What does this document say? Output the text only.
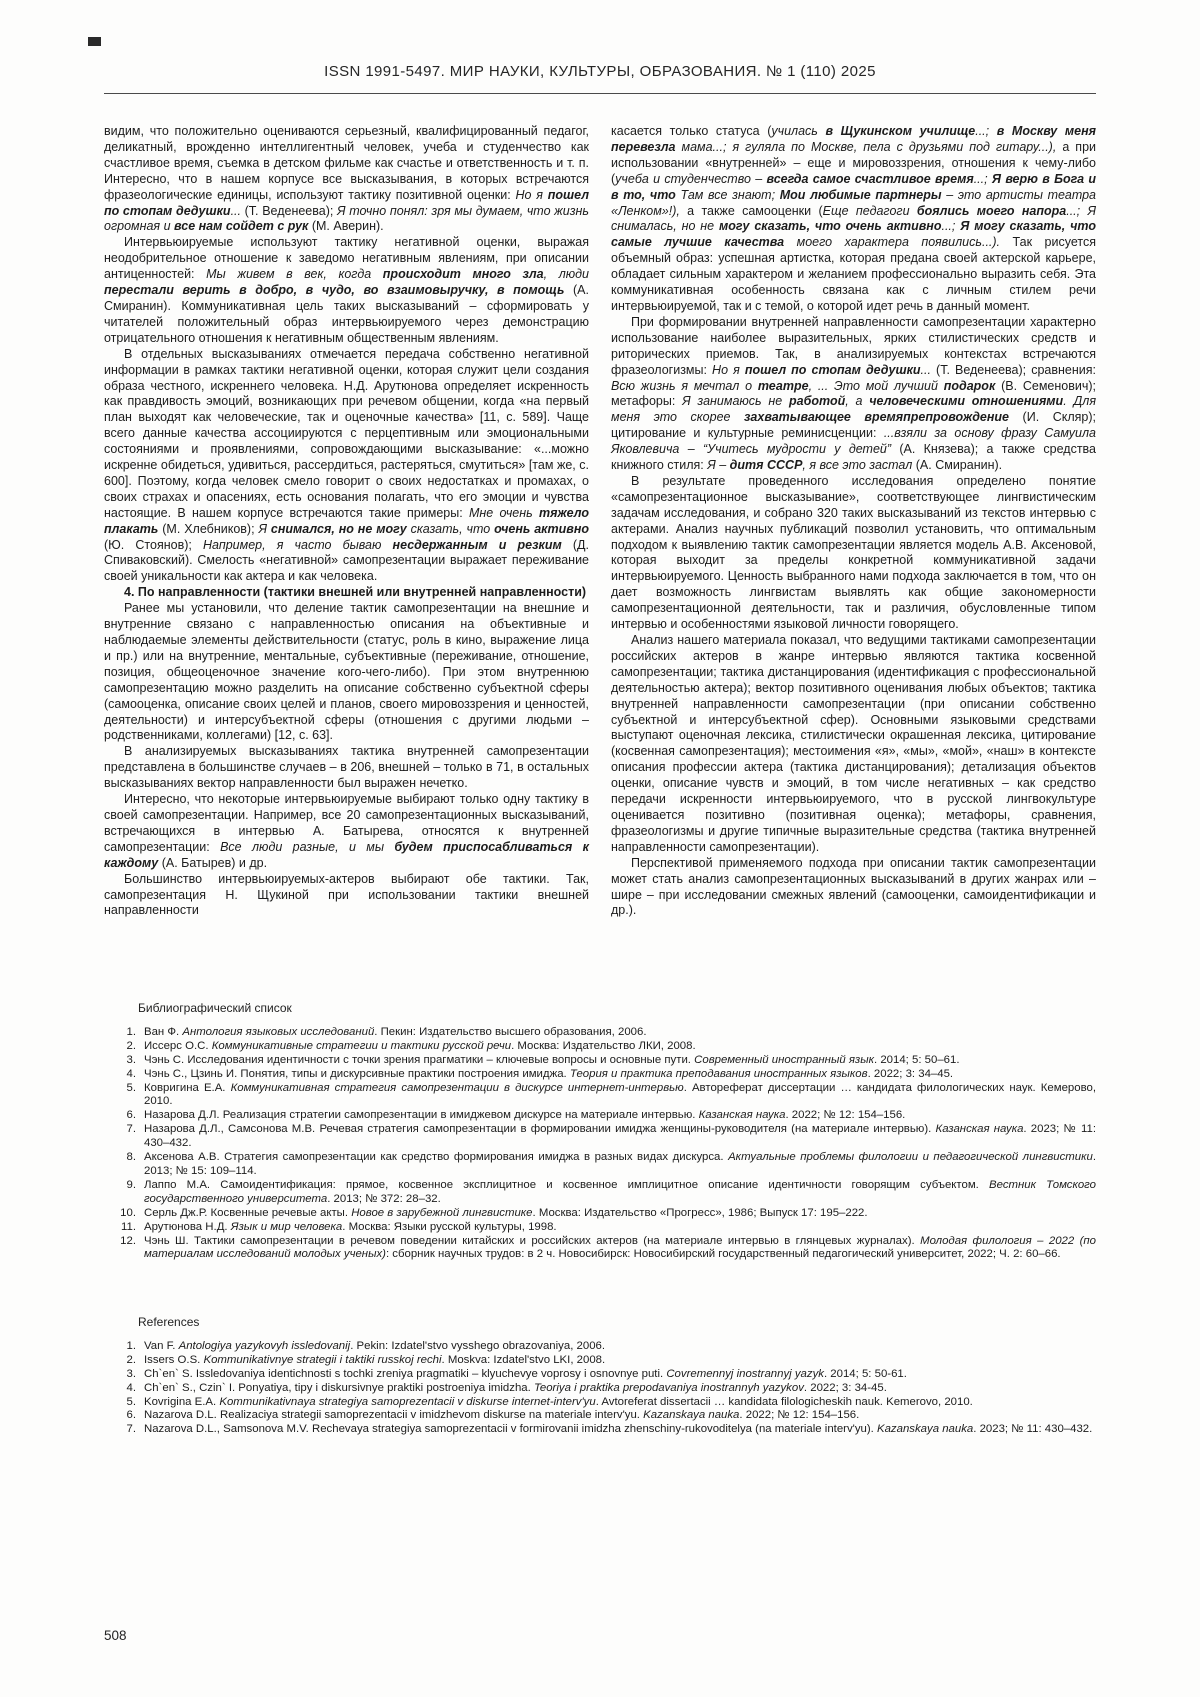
ISSN 1991-5497. МИР НАУКИ, КУЛЬТУРЫ, ОБРАЗОВАНИЯ. № 1 (110) 2025

видим, что положительно оцениваются серьезный, квалифицированный педагог, деликатный, врожденно интеллигентный человек, учеба и студенчество как счастливое время, съемка в детском фильме как счастье и ответственность и т. п. Интересно, что в нашем корпусе все высказывания, в которых встречаются фразеологические единицы, используют тактику позитивной оценки: Но я пошел по стопам дедушки... (Т. Веденеева); Я точно понял: зря мы думаем, что жизнь огромная и все нам сойдет с рук (М. Аверин).

Интервьюируемые используют тактику негативной оценки, выражая неодобрительное отношение к заведомо негативным явлениям, при описании антиценностей: Мы живем в век, когда происходит много зла, люди перестали верить в добро, в чудо, во взаимовыручку, в помощь (А. Смиранин). Коммуникативная цель таких высказываний – сформировать у читателей положительный образ интервьюируемого через демонстрацию отрицательного отношения к негативным общественным явлениям.

В отдельных высказываниях отмечается передача собственно негативной информации в рамках тактики негативной оценки, которая служит цели создания образа честного, искреннего человека. Н.Д. Арутюнова определяет искренность как правдивость эмоций, возникающих при речевом общении, когда «на первый план выходят как человеческие, так и оценочные качества» [11, с. 589]. Чаще всего данные качества ассоциируются с перцептивным или эмоциональными состояниями и проявлениями, сопровождающими высказывание: «...можно искренне обидеться, удивиться, рассердиться, растеряться, смутиться» [там же, с. 600]. Поэтому, когда человек смело говорит о своих недостатках и промахах, о своих страхах и опасениях, есть основания полагать, что его эмоции и чувства настоящие. В нашем корпусе встречаются такие примеры: Мне очень тяжело плакать (М. Хлебников); Я снимался, но не могу сказать, что очень активно (Ю. Стоянов); Например, я часто бываю несдержанным и резким (Д. Спиваковский). Смелость «негативной» самопрезентации выражает переживание своей уникальности как актера и как человека.

4. По направленности (тактики внешней или внутренней направленности)

Ранее мы установили, что деление тактик самопрезентации на внешние и внутренние связано с направленностью описания на объективные и наблюдаемые элементы действительности (статус, роль в кино, выражение лица и пр.) или на внутренние, ментальные, субъективные (переживание, отношение, позиция, общеоценочное значение кого-чего-либо). При этом внутреннюю самопрезентацию можно разделить на описание собственно субъектной сферы (самооценка, описание своих целей и планов, своего мировоззрения и ценностей, деятельности) и интерсубъектной сферы (отношения с другими людьми – родственниками, коллегами) [12, с. 63].

В анализируемых высказываниях тактика внутренней самопрезентации представлена в большинстве случаев – в 206, внешней – только в 71, в остальных высказываниях вектор направленности был выражен нечетко.

Интересно, что некоторые интервьюируемые выбирают только одну тактику в своей самопрезентации. Например, все 20 самопрезентационных высказываний, встречающихся в интервью А. Батырева, относятся к внутренней самопрезентации: Все люди разные, и мы будем приспосабливаться к каждому (А. Батырев) и др.

Большинство интервьюируемых-актеров выбирают обе тактики. Так, самопрезентация Н. Щукиной при использовании тактики внешней направленности

касается только статуса (училась в Щукинском училище...; в Москву меня перевезла мама...; я гуляла по Москве, пела с друзьями под гитару...), а при использовании «внутренней» – еще и мировоззрения, отношения к чему-либо (учеба и студенчество – всегда самое счастливое время...; Я верю в Бога и в то, что Там все знают; Мои любимые партнеры – это артисты театра «Ленком»!), а также самооценки (Еще педагоги боялись моего напора...; Я снималась, но не могу сказать, что очень активно...; Я могу сказать, что самые лучшие качества моего характера появились...). Так рисуется объемный образ: успешная артистка, которая предана своей актерской карьере, обладает сильным характером и желанием профессионально выразить себя. Эта коммуникативная особенность связана как с личным стилем речи интервьюируемой, так и с темой, о которой идет речь в данный момент.

При формировании внутренней направленности самопрезентации характерно использование наиболее выразительных, ярких стилистических средств и риторических приемов. Так, в анализируемых контекстах встречаются фразеологизмы: Но я пошел по стопам дедушки... (Т. Веденеева); сравнения: Всю жизнь я мечтал о театре, ... Это мой лучший подарок (В. Семенович); метафоры: Я занимаюсь не работой, а человеческими отношениями. Для меня это скорее захватывающее времяпрепровождение (И. Скляр); цитирование и культурные реминисценции: ...взяли за основу фразу Самуила Яковлевича – “Учитесь мудрости у детей” (А. Князева); а также средства книжного стиля: Я – дитя СССР, я все это застал (А. Смиранин).

В результате проведенного исследования определено понятие «самопрезентационное высказывание», соответствующее лингвистическим задачам исследования, и собрано 320 таких высказываний из текстов интервью с актерами. Анализ научных публикаций позволил установить, что оптимальным подходом к выявлению тактик самопрезентации является модель А.В. Аксеновой, которая выходит за пределы конкретной коммуникативной задачи интервьюируемого. Ценность выбранного нами подхода заключается в том, что он дает возможность лингвистам выявлять как общие закономерности самопрезентационной деятельности, так и различия, обусловленные типом интервью и особенностями языковой личности говорящего.

Анализ нашего материала показал, что ведущими тактиками самопрезентации российских актеров в жанре интервью являются тактика косвенной самопрезентации; тактика дистанцирования (идентификация с профессиональной деятельностью актера); вектор позитивного оценивания любых объектов; тактика внутренней направленности самопрезентации (при описании собственно субъектной и интерсубъектной сфер). Основными языковыми средствами выступают оценочная лексика, стилистически окрашенная лексика, цитирование (косвенная самопрезентация); местоимения «я», «мы», «мой», «наш» в контексте описания профессии актера (тактика дистанцирования); детализация объектов оценки, описание чувств и эмоций, в том числе негативных – как средство передачи искренности интервьюируемого, что в русской лингвокультуре оценивается позитивно (позитивная оценка); метафоры, сравнения, фразеологизмы и другие типичные выразительные средства (тактика внутренней направленности самопрезентации).

Перспективой применяемого подхода при описании тактик самопрезентации может стать анализ самопрезентационных высказываний в других жанрах или – шире – при исследовании смежных явлений (самооценки, самоидентификации и др.).

Библиографический список
1. Ван Ф. Антология языковых исследований. Пекин: Издательство высшего образования, 2006.
2. Иссерс О.С. Коммуникативные стратегии и тактики русской речи. Москва: Издательство ЛКИ, 2008.
3. Чэнь С. Исследования идентичности с точки зрения прагматики – ключевые вопросы и основные пути. Современный иностранный язык. 2014; 5: 50–61.
4. Чэнь С., Цзинь И. Понятия, типы и дискурсивные практики построения имиджа. Теория и практика преподавания иностранных языков. 2022; 3: 34–45.
5. Ковригина Е.А. Коммуникативная стратегия самопрезентации в дискурсе интернет-интервью. Автореферат диссертации … кандидата филологических наук. Кемерово, 2010.
6. Назарова Д.Л. Реализация стратегии самопрезентации в имиджевом дискурсе на материале интервью. Казанская наука. 2022; № 12: 154–156.
7. Назарова Д.Л., Самсонова М.В. Речевая стратегия самопрезентации в формировании имиджа женщины-руководителя (на материале интервью). Казанская наука. 2023; № 11: 430–432.
8. Аксенова А.В. Стратегия самопрезентации как средство формирования имиджа в разных видах дискурса. Актуальные проблемы филологии и педагогической лингвистики. 2013; № 15: 109–114.
9. Лаппо М.А. Самоидентификация: прямое, косвенное эксплицитное и косвенное имплицитное описание идентичности говорящим субъектом. Вестник Томского государственного университета. 2013; № 372: 28–32.
10. Серль Дж.Р. Косвенные речевые акты. Новое в зарубежной лингвистике. Москва: Издательство «Прогресс», 1986; Выпуск 17: 195–222.
11. Арутюнова Н.Д. Язык и мир человека. Москва: Языки русской культуры, 1998.
12. Чэнь Ш. Тактики самопрезентации в речевом поведении китайских и российских актеров (на материале интервью в глянцевых журналах). Молодая филология – 2022 (по материалам исследований молодых ученых): сборник научных трудов: в 2 ч. Новосибирск: Новосибирский государственный педагогический университет, 2022; Ч. 2: 60–66.
References
1. Van F. Antologiya yazykovyh issledovanij. Pekin: Izdatel'stvo vysshego obrazovaniya, 2006.
2. Issers O.S. Kommunikativnye strategii i taktiki russkoj rechi. Moskva: Izdatel'stvo LKI, 2008.
3. Ch`en` S. Issledovaniya identichnosti s tochki zreniya pragmatiki – klyuchevye voprosy i osnovnye puti. Covremennyj inostrannyj yazyk. 2014; 5: 50-61.
4. Ch`en` S., Czin` I. Ponyatiya, tipy i diskursivnye praktiki postroeniya imidzha. Teoriya i praktika prepodavaniya inostrannyh yazykov. 2022; 3: 34-45.
5. Kovrigina E.A. Kommunikativnaya strategiya samoprezentacii v diskurse internet-interv'yu. Avtoreferat dissertacii … kandidata filologicheskih nauk. Kemerovo, 2010.
6. Nazarova D.L. Realizaciya strategii samoprezentacii v imidzhevom diskurse na materiale interv'yu. Kazanskaya nauka. 2022; № 12: 154–156.
7. Nazarova D.L., Samsonova M.V. Rechevaya strategiya samoprezentacii v formirovanii imidzha zhenschiny-rukovoditelya (na materiale interv'yu). Kazanskaya nauka. 2023; № 11: 430–432.
508
